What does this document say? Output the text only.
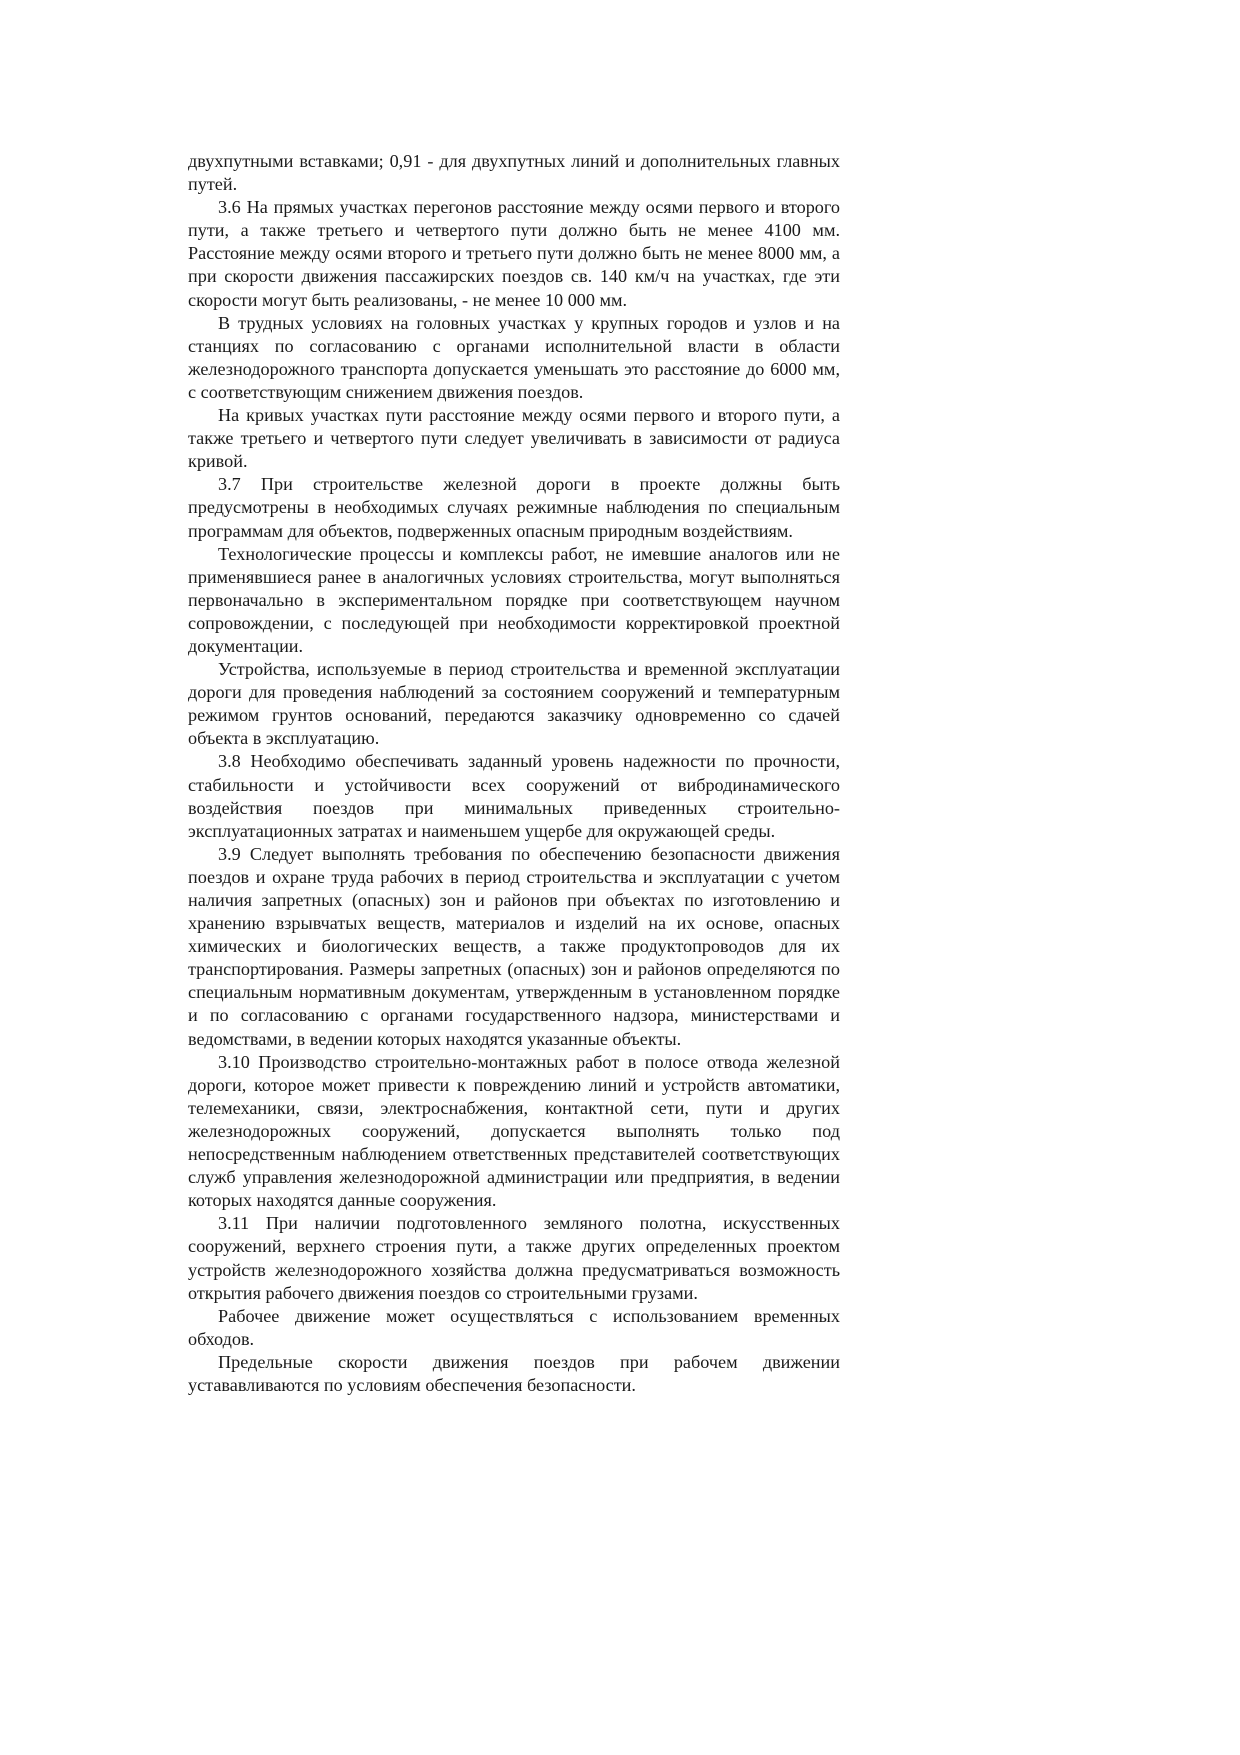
двухпутными вставками; 0,91 - для двухпутных линий и дополнительных главных путей.

3.6 На прямых участках перегонов расстояние между осями первого и второго пути, а также третьего и четвертого пути должно быть не менее 4100 мм. Расстояние между осями второго и третьего пути должно быть не менее 8000 мм, а при скорости движения пассажирских поездов св. 140 км/ч на участках, где эти скорости могут быть реализованы, - не менее 10 000 мм.

В трудных условиях на головных участках у крупных городов и узлов и на станциях по согласованию с органами исполнительной власти в области железнодорожного транспорта допускается уменьшать это расстояние до 6000 мм, с соответствующим снижением движения поездов.

На кривых участках пути расстояние между осями первого и второго пути, а также третьего и четвертого пути следует увеличивать в зависимости от радиуса кривой.

3.7 При строительстве железной дороги в проекте должны быть предусмотрены в необходимых случаях режимные наблюдения по специальным программам для объектов, подверженных опасным природным воздействиям.

Технологические процессы и комплексы работ, не имевшие аналогов или не применявшиеся ранее в аналогичных условиях строительства, могут выполняться первоначально в экспериментальном порядке при соответствующем научном сопровождении, с последующей при необходимости корректировкой проектной документации.

Устройства, используемые в период строительства и временной эксплуатации дороги для проведения наблюдений за состоянием сооружений и температурным режимом грунтов оснований, передаются заказчику одновременно со сдачей объекта в эксплуатацию.

3.8 Необходимо обеспечивать заданный уровень надежности по прочности, стабильности и устойчивости всех сооружений от вибродинамического воздействия поездов при минимальных приведенных строительно-эксплуатационных затратах и наименьшем ущербе для окружающей среды.

3.9 Следует выполнять требования по обеспечению безопасности движения поездов и охране труда рабочих в период строительства и эксплуатации с учетом наличия запретных (опасных) зон и районов при объектах по изготовлению и хранению взрывчатых веществ, материалов и изделий на их основе, опасных химических и биологических веществ, а также продуктопроводов для их транспортирования. Размеры запретных (опасных) зон и районов определяются по специальным нормативным документам, утвержденным в установленном порядке и по согласованию с органами государственного надзора, министерствами и ведомствами, в ведении которых находятся указанные объекты.

3.10 Производство строительно-монтажных работ в полосе отвода железной дороги, которое может привести к повреждению линий и устройств автоматики, телемеханики, связи, электроснабжения, контактной сети, пути и других железнодорожных сооружений, допускается выполнять только под непосредственным наблюдением ответственных представителей соответствующих служб управления железнодорожной администрации или предприятия, в ведении которых находятся данные сооружения.

3.11 При наличии подготовленного земляного полотна, искусственных сооружений, верхнего строения пути, а также других определенных проектом устройств железнодорожного хозяйства должна предусматриваться возможность открытия рабочего движения поездов со строительными грузами.

Рабочее движение может осуществляться с использованием временных обходов.

Предельные скорости движения поездов при рабочем движении устававливаются по условиям обеспечения безопасности.
